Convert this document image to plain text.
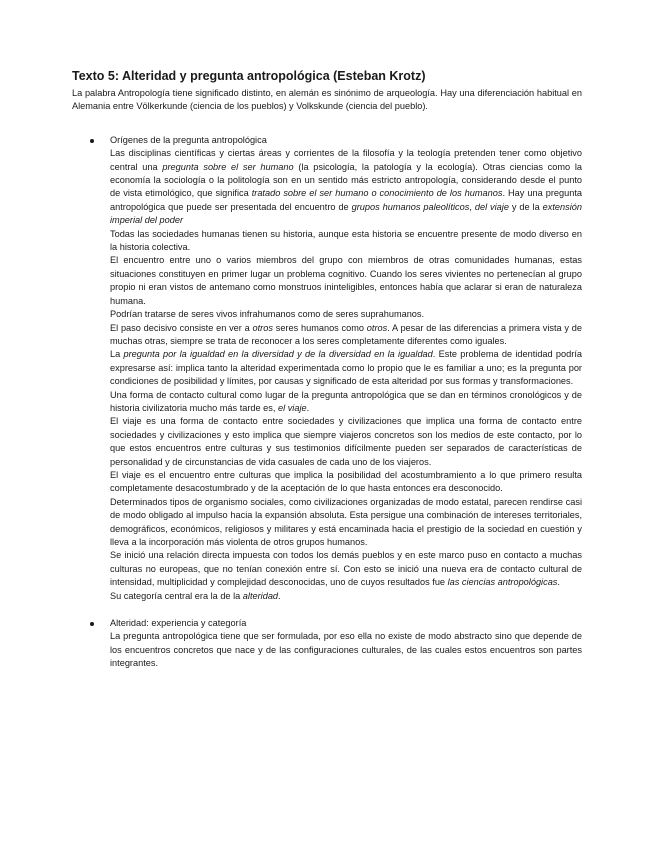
Texto 5: Alteridad y pregunta antropológica (Esteban Krotz)

La palabra Antropología tiene significado distinto, en alemán es sinónimo de arqueología. Hay una diferenciación habitual en Alemania entre Völkerkunde (ciencia de los pueblos) y Volkskunde (ciencia del pueblo).

Orígenes de la pregunta antropológica

Las disciplinas científicas y ciertas áreas y corrientes de la filosofía y la teología pretenden tener como objetivo central una pregunta sobre el ser humano (la psicología, la patología y la ecología). Otras ciencias como la economía la sociología o la politología son en un sentido más estricto antropología, considerando desde el punto de vista etimológico, que significa tratado sobre el ser humano o conocimiento de los humanos. Hay una pregunta antropológica que puede ser presentada del encuentro de grupos humanos paleolíticos, del viaje y de la extensión imperial del poder

Todas las sociedades humanas tienen su historia, aunque esta historia se encuentre presente de modo diverso en la historia colectiva.

El encuentro entre uno o varios miembros del grupo con miembros de otras comunidades humanas, estas situaciones constituyen en primer lugar un problema cognitivo. Cuando los seres vivientes no pertenecían al grupo propio ni eran vistos de antemano como monstruos ininteligibles, entonces había que aclarar si eran de naturaleza humana.

Podrían tratarse de seres vivos infrahumanos como de seres suprahumanos.

El paso decisivo consiste en ver a otros seres humanos como otros. A pesar de las diferencias a primera vista y de muchas otras, siempre se trata de reconocer a los seres completamente diferentes como iguales.

La pregunta por la igualdad en la diversidad y de la diversidad en la igualdad. Este problema de identidad podría expresarse así: implica tanto la alteridad experimentada como lo propio que le es familiar a uno; es la pregunta por condiciones de posibilidad y límites, por causas y significado de esta alteridad por sus formas y transformaciones.

Una forma de contacto cultural como lugar de la pregunta antropológica que se dan en términos cronológicos y de historia civilizatoria mucho más tarde es, el viaje.

El viaje es una forma de contacto entre sociedades y civilizaciones que implica una forma de contacto entre sociedades y civilizaciones y esto implica que siempre viajeros concretos son los medios de este contacto, por lo que estos encuentros entre culturas y sus testimonios difícilmente pueden ser separados de características de personalidad y de circunstancias de vida casuales de cada uno de los viajeros.

El viaje es el encuentro entre culturas que implica la posibilidad del acostumbramiento a lo que primero resulta completamente desacostumbrado y de la aceptación de lo que hasta entonces era desconocido.

Determinados tipos de organismo sociales, como civilizaciones organizadas de modo estatal, parecen rendirse casi de modo obligado al impulso hacia la expansión absoluta. Esta persigue una combinación de intereses territoriales, demográficos, económicos, religiosos y militares y está encaminada hacia el prestigio de la sociedad en cuestión y lleva a la incorporación más violenta de otros grupos humanos.

Se inició una relación directa impuesta con todos los demás pueblos y en este marco puso en contacto a muchas culturas no europeas, que no tenían conexión entre sí. Con esto se inició una nueva era de contacto cultural de intensidad, multiplicidad y complejidad desconocidas, uno de cuyos resultados fue las ciencias antropológicas.

Su categoría central era la de la alteridad.

Alteridad: experiencia y categoría

La pregunta antropológica tiene que ser formulada, por eso ella no existe de modo abstracto sino que depende de los encuentros concretos que nace y de las configuraciones culturales, de las cuales estos encuentros son partes integrantes.
